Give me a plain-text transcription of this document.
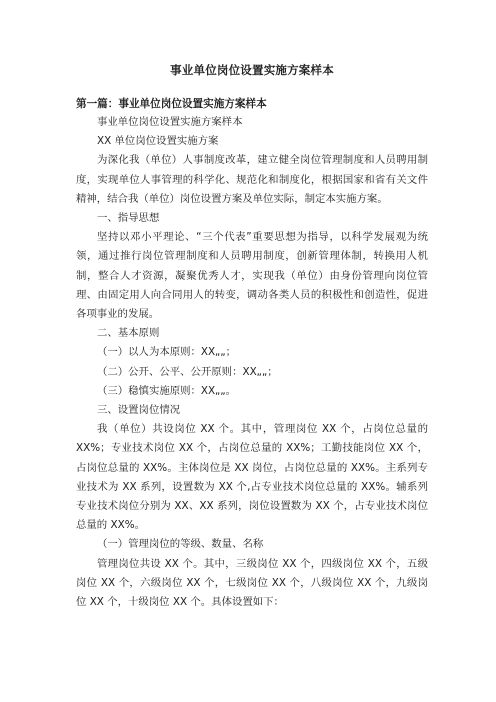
事业单位岗位设置实施方案样本

第一篇：事业单位岗位设置实施方案样本

事业单位岗位设置实施方案样本

XX 单位岗位设置实施方案

为深化我（单位）人事制度改革，建立健全岗位管理制度和人员聘用制度，实现单位人事管理的科学化、规范化和制度化，根据国家和省有关文件精神，结合我（单位）岗位设置方案及单位实际，制定本实施方案。

一、指导思想

坚持以邓小平理论、“三个代表”重要思想为指导，以科学发展观为统领，通过推行岗位管理制度和人员聘用制度，创新管理体制，转换用人机制，整合人才资源，凝聚优秀人才，实现我（单位）由身份管理向岗位管理、由固定用人向合同用人的转变，调动各类人员的积极性和创造性，促进各项事业的发展。

二、基本原则

（一）以人为本原则：XX„„；

（二）公开、公平、公开原则：XX„„；

（三）稳慎实施原则：XX„„。

三、设置岗位情况

我（单位）共设岗位 XX 个。其中，管理岗位 XX 个，占岗位总量的 XX%；专业技术岗位 XX 个，占岗位总量的 XX%；工勤技能岗位 XX 个，占岗位总量的 XX%。主体岗位是 XX 岗位，占岗位总量的 XX%。主系列专业技术为 XX 系列，设置数为 XX 个,占专业技术岗位总量的 XX%。辅系列专业技术岗位分别为 XX、XX 系列，岗位设置数为 XX 个，占专业技术岗位总量的 XX%。

（一）管理岗位的等级、数量、名称

管理岗位共设 XX 个。其中，三级岗位 XX 个，四级岗位 XX 个，五级岗位 XX 个，六级岗位 XX 个，七级岗位 XX 个，八级岗位 XX 个，九级岗位 XX 个，十级岗位 XX 个。具体设置如下：
